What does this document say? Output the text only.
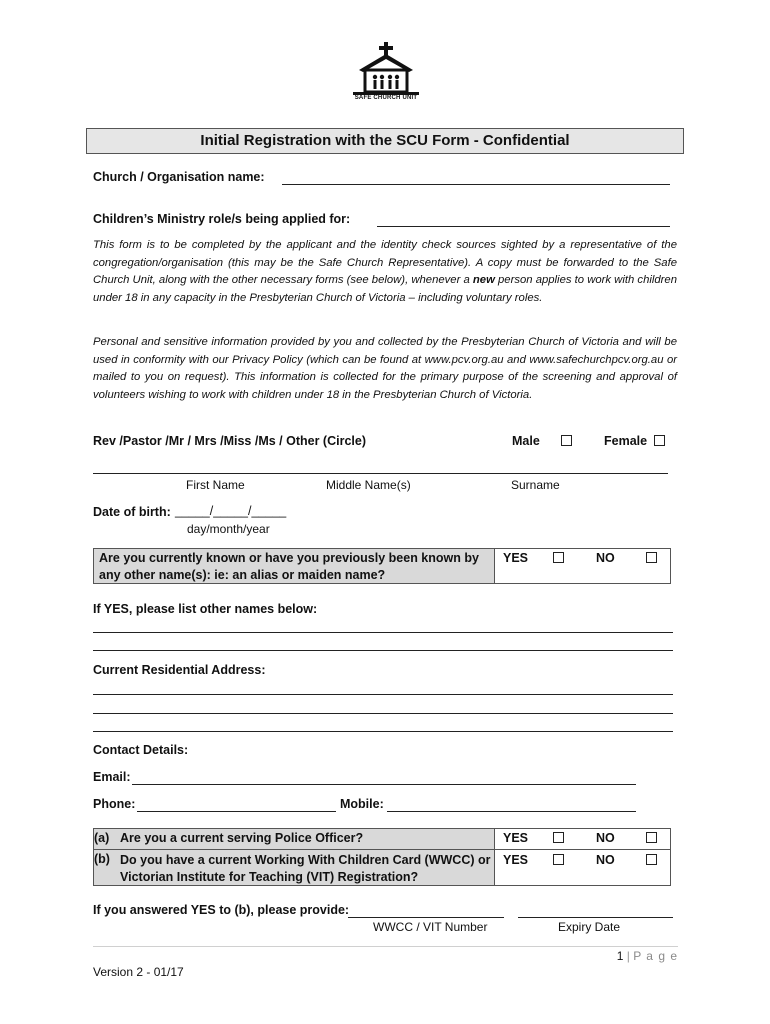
SAFE CHURCH UNIT
Initial Registration with the SCU Form - Confidential
Church / Organisation name:
Children’s Ministry role/s being applied for:
This form is to be completed by the applicant and the identity check sources sighted by a representative of the congregation/organisation (this may be the Safe Church Representative). A copy must be forwarded to the Safe Church Unit, along with the other necessary forms (see below), whenever a new person applies to work with children under 18 in any capacity in the Presbyterian Church of Victoria – including voluntary roles.
Personal and sensitive information provided by you and collected by the Presbyterian Church of Victoria and will be used in conformity with our Privacy Policy (which can be found at www.pcv.org.au and www.safechurchpcv.org.au or mailed to you on request). This information is collected for the primary purpose of the screening and approval of volunteers wishing to work with children under 18 in the Presbyterian Church of Victoria.
Rev /Pastor /Mr / Mrs /Miss /Ms / Other (Circle)	Male	Female
First Name	Middle Name(s)	Surname
Date of birth: _____/_____/_____
day/month/year
Are you currently known or have you previously been known by any other name(s): ie: an alias or maiden name?
YES	NO
If YES, please list other names below:
Current Residential Address:
Contact Details:
Email:
Phone:	Mobile:
(a) Are you a current serving Police Officer?	YES	NO
(b) Do you have a current Working With Children Card (WWCC) or Victorian Institute for Teaching (VIT) Registration?
YES	NO
If you answered YES to (b), please provide:
WWCC / VIT Number	Expiry Date
1 | P a g e
Version 2 - 01/17
